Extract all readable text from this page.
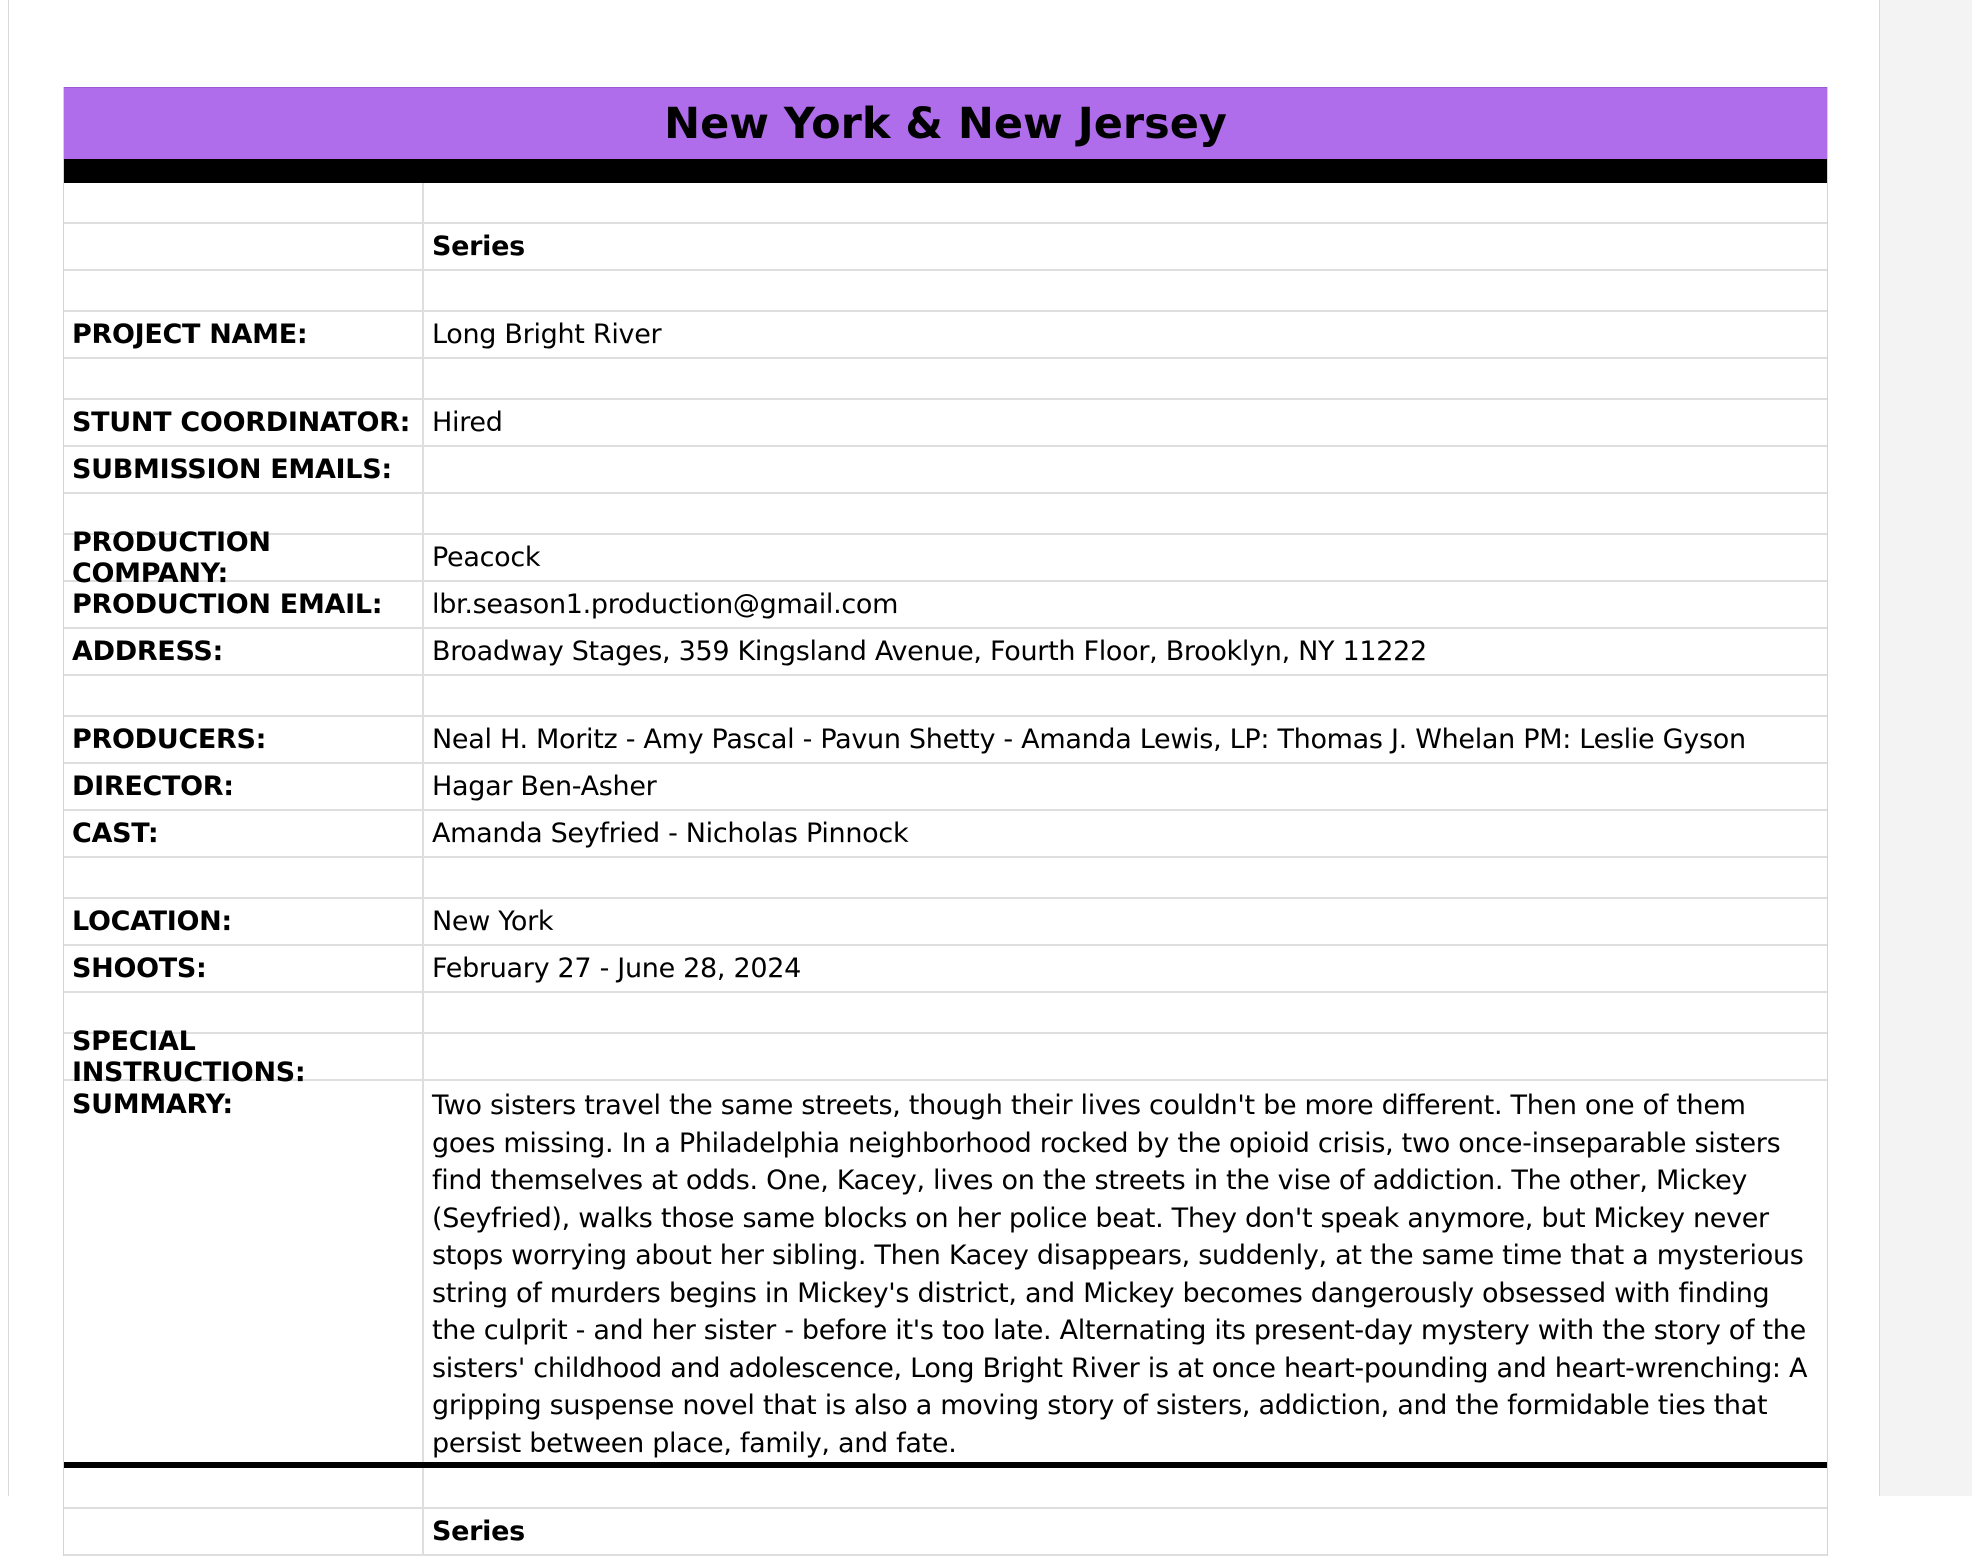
New York & New Jersey
Series
PROJECT NAME:	Long Bright River
STUNT COORDINATOR: Hired
SUBMISSION EMAILS:
PRODUCTION COMPANY:	Peacock
PRODUCTION EMAIL:	lbr.season1.production@gmail.com
ADDRESS:	Broadway Stages, 359 Kingsland Avenue, Fourth Floor, Brooklyn, NY 11222
PRODUCERS:	Neal H. Moritz - Amy Pascal - Pavun Shetty - Amanda Lewis, LP: Thomas J. Whelan PM: Leslie Gyson
DIRECTOR:	Hagar Ben-Asher
CAST:	Amanda Seyfried - Nicholas Pinnock
LOCATION:	New York
SHOOTS:	February 27 - June 28, 2024
SPECIAL INSTRUCTIONS:
SUMMARY:	Two sisters travel the same streets, though their lives couldn't be more different. Then one of them goes missing. In a Philadelphia neighborhood rocked by the opioid crisis, two once-inseparable sisters find themselves at odds. One, Kacey, lives on the streets in the vise of addiction. The other, Mickey (Seyfried), walks those same blocks on her police beat. They don't speak anymore, but Mickey never stops worrying about her sibling. Then Kacey disappears, suddenly, at the same time that a mysterious string of murders begins in Mickey's district, and Mickey becomes dangerously obsessed with finding the culprit - and her sister - before it's too late. Alternating its present-day mystery with the story of the sisters' childhood and adolescence, Long Bright River is at once heart-pounding and heart-wrenching: A gripping suspense novel that is also a moving story of sisters, addiction, and the formidable ties that persist between place, family, and fate.
Series
